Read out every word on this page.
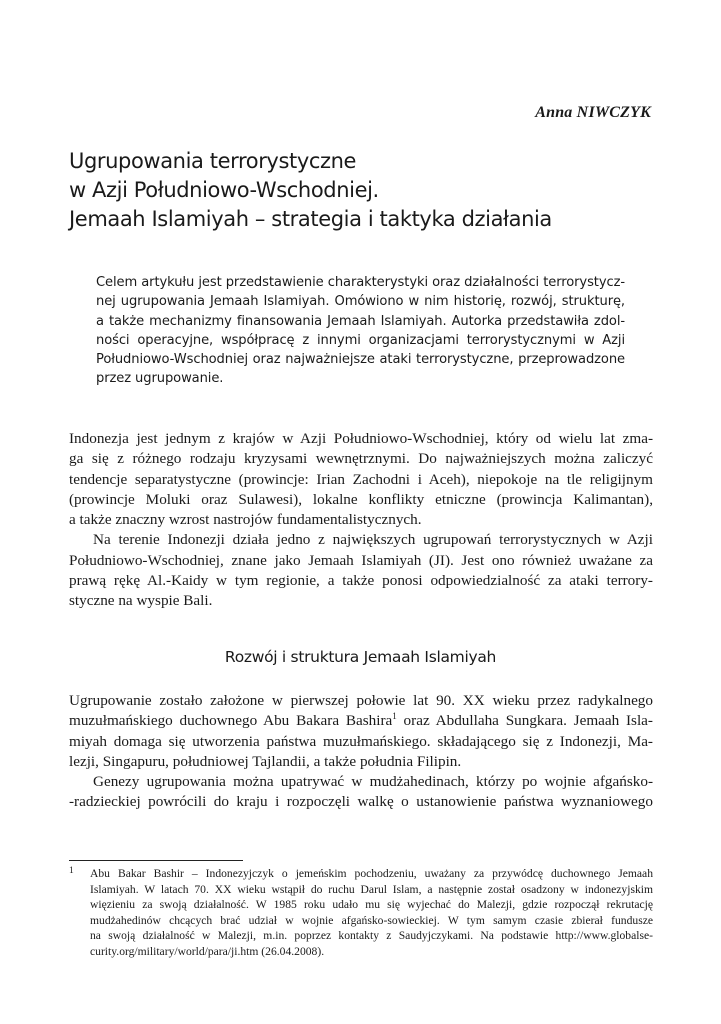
Anna NIWCZYK
Ugrupowania terrorystyczne
w Azji Południowo-Wschodniej.
Jemaah Islamiyah – strategia i taktyka działania
Celem artykułu jest przedstawienie charakterystyki oraz działalności terrorystycz-
nej ugrupowania Jemaah Islamiyah. Omówiono w nim historię, rozwój, strukturę,
a także mechanizmy finansowania Jemaah Islamiyah. Autorka przedstawiła zdol-
ności operacyjne, współpracę z innymi organizacjami terrorystycznymi w Azji
Południowo-Wschodniej oraz najważniejsze ataki terrorystyczne, przeprowadzone
przez ugrupowanie.

Indonezja jest jednym z krajów w Azji Południowo-Wschodniej, który od wielu lat zma-
ga się z różnego rodzaju kryzysami wewnętrznymi. Do najważniejszych można zaliczyć
tendencje separatystyczne (prowincje: Irian Zachodni i Aceh), niepokoje na tle religijnym
(prowincje Moluki oraz Sulawesi), lokalne konflikty etniczne (prowincja Kalimantan),
a także znaczny wzrost nastrojów fundamentalistycznych.

Na terenie Indonezji działa jedno z największych ugrupowań terrorystycznych w Azji
Południowo-Wschodniej, znane jako Jemaah Islamiyah (JI). Jest ono również uważane za
prawą rękę Al.-Kaidy w tym regionie, a także ponosi odpowiedzialność za ataki terrory-
styczne na wyspie Bali.

Rozwój i struktura Jemaah Islamiyah

Ugrupowanie zostało założone w pierwszej połowie lat 90. XX wieku przez radykalnego
muzułmańskiego duchownego Abu Bakara Bashira$^1$ oraz Abdullaha Sungkara. Jemaah Isla-
miyah domaga się utworzenia państwa muzułmańskiego. składającego się z Indonezji, Ma-
lezji, Singapuru, południowej Tajlandii, a także południa Filipin.

Genezy ugrupowania można upatrywać w mudżahedinach, którzy po wojnie afgańsko-
-radzieckiej powrócili do kraju i rozpoczęli walkę o ustanowienie państwa wyznaniowego

1 Abu Bakar Bashir – Indonezyjczyk o jemeńskim pochodzeniu, uważany za przywódcę duchownego Jemaah
Islamiyah. W latach 70. XX wieku wstąpił do ruchu Darul Islam, a następnie został osadzony w indonezyjskim
więzieniu za swoją działalność. W 1985 roku udało mu się wyjechać do Malezji, gdzie rozpoczął rekrutację
mudżahedinów chcących brać udział w wojnie afgańsko-sowieckiej. W tym samym czasie zbierał fundusze
na swoją działalność w Malezji, m.in. poprzez kontakty z Saudyjczykami. Na podstawie http://www.globalse-
curity.org/military/world/para/ji.htm (26.04.2008).
